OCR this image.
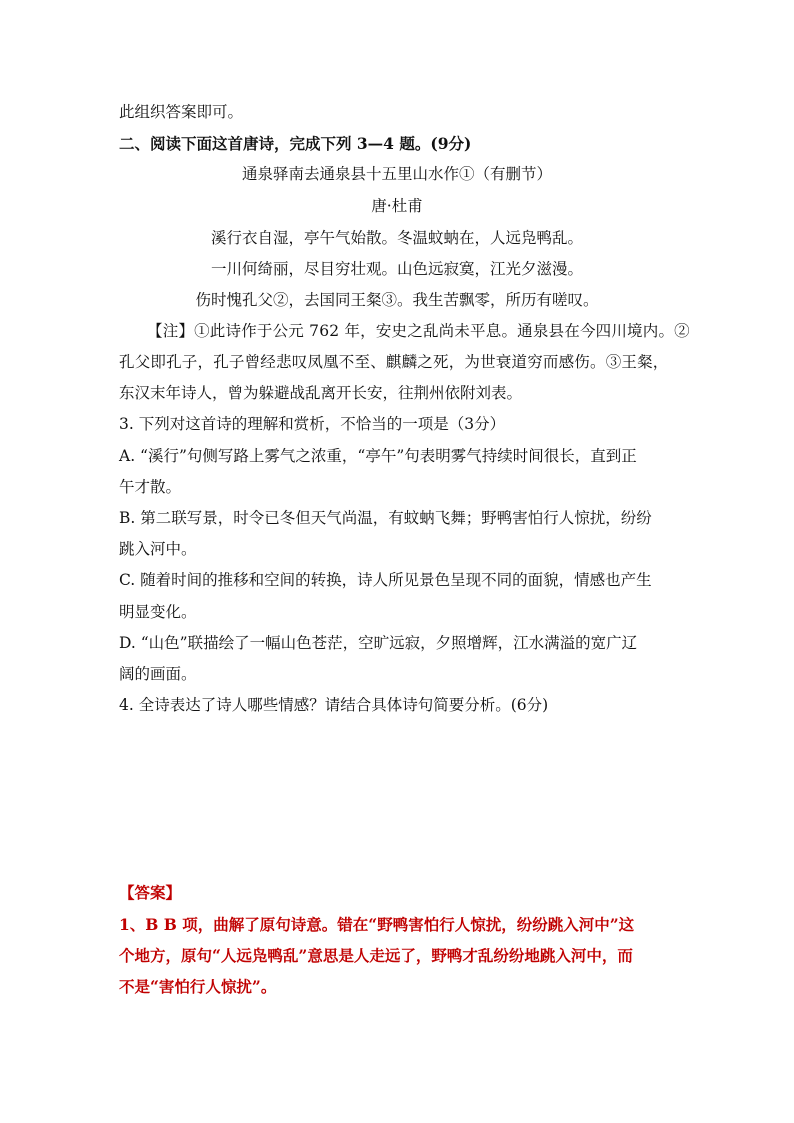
此组织答案即可。
二、阅读下面这首唐诗，完成下列 3—4 题。(9分)
通泉驿南去通泉县十五里山水作①（有删节）
唐·杜甫
溪行衣自湿，亭午气始散。冬温蚊蚋在，人远凫鸭乱。
一川何绮丽，尽目穷壮观。山色远寂寞，江光夕滋漫。
伤时愧孔父②，去国同王粲③。我生苦飘零，所历有嗟叹。
【注】①此诗作于公元 762 年，安史之乱尚未平息。通泉县在今四川境内。②
孔父即孔子，孔子曾经悲叹凤凰不至、麒麟之死，为世衰道穷而感伤。③王粲，
东汉末年诗人，曾为躲避战乱离开长安，往荆州依附刘表。
3. 下列对这首诗的理解和赏析，不恰当的一项是（3分）
A. “溪行”句侧写路上雾气之浓重，“亭午”句表明雾气持续时间很长，直到正
午才散。
B. 第二联写景，时令已冬但天气尚温，有蚊蚋飞舞；野鸭害怕行人惊扰，纷纷
跳入河中。
C. 随着时间的推移和空间的转换，诗人所见景色呈现不同的面貌，情感也产生
明显变化。
D. “山色”联描绘了一幅山色苍茫，空旷远寂，夕照增辉，江水满溢的宽广辽
阔的画面。
4. 全诗表达了诗人哪些情感？请结合具体诗句简要分析。(6分)
【答案】
1、B B 项，曲解了原句诗意。错在“野鸭害怕行人惊扰，纷纷跳入河中”这
个地方，原句“人远凫鸭乱”意思是人走远了，野鸭才乱纷纷地跳入河中，而
不是“害怕行人惊扰”。
